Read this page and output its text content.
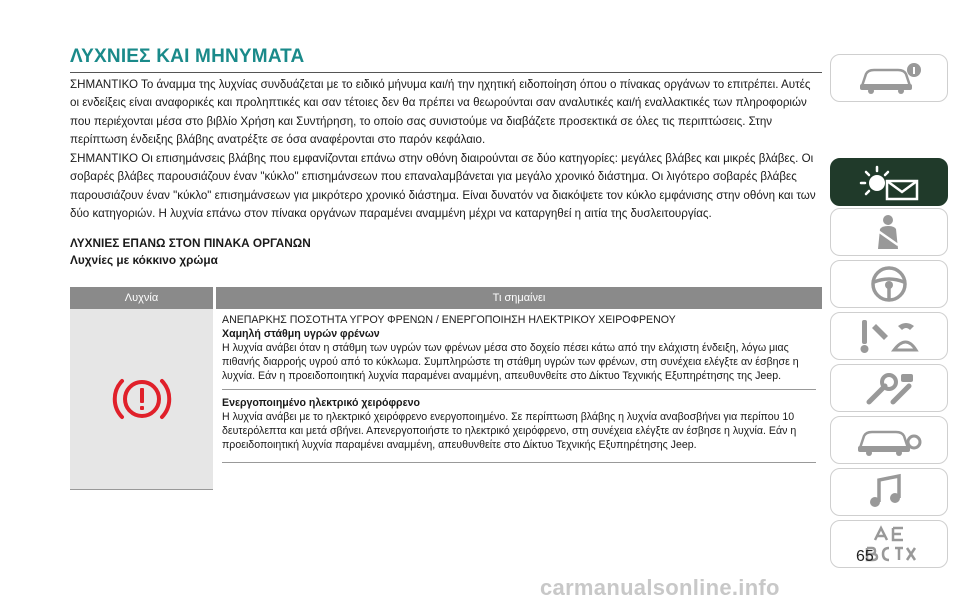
ΛΥΧΝΙΕΣ ΚΑΙ ΜΗΝΥΜΑΤΑ

ΣΗΜΑΝΤΙΚΟ Το άναμμα της λυχνίας συνδυάζεται με το ειδικό μήνυμα και/ή την ηχητική ειδοποίηση όπου ο πίνακας οργάνων το επιτρέπει. Αυτές οι ενδείξεις είναι αναφορικές και προληπτικές και σαν τέτοιες δεν θα πρέπει να θεωρούνται σαν αναλυτικές και/ή εναλλακτικές των πληροφοριών που περιέχονται μέσα στο βιβλίο Χρήση και Συντήρηση, το οποίο σας συνιστούμε να διαβάζετε προσεκτικά σε όλες τις περιπτώσεις. Στην περίπτωση ένδειξης βλάβης ανατρέξτε σε όσα αναφέρονται στο παρόν κεφάλαιο.

ΣΗΜΑΝΤΙΚΟ Οι επισημάνσεις βλάβης που εμφανίζονται επάνω στην οθόνη διαιρούνται σε δύο κατηγορίες: μεγάλες βλάβες και μικρές βλάβες. Οι σοβαρές βλάβες παρουσιάζουν έναν "κύκλο" επισημάνσεων που επαναλαμβάνεται για μεγάλο χρονικό διάστημα. Οι λιγότερο σοβαρές βλάβες παρουσιάζουν έναν "κύκλο" επισημάνσεων για μικρότερο χρονικό διάστημα. Είναι δυνατόν να διακόψετε τον κύκλο εμφάνισης στην οθόνη και των δύο κατηγοριών. Η λυχνία επάνω στον πίνακα οργάνων παραμένει αναμμένη μέχρι να καταργηθεί η αιτία της δυσλειτουργίας.

ΛΥΧΝΙΕΣ ΕΠΑΝΩ ΣΤΟΝ ΠΙΝΑΚΑ ΟΡΓΑΝΩΝ
Λυχνίες με κόκκινο χρώμα
Λυχνία	Τι σημαίνει
ΑΝΕΠΑΡΚΗΣ ΠΟΣΟΤΗΤΑ ΥΓΡΟΥ ΦΡΕΝΩΝ / ΕΝΕΡΓΟΠΟΙΗΣΗ ΗΛΕΚΤΡΙΚΟΥ ΧΕΙΡΟΦΡΕΝΟΥ
Χαμηλή στάθμη υγρών φρένων
Η λυχνία ανάβει όταν η στάθμη των υγρών των φρένων μέσα στο δοχείο πέσει κάτω από την ελάχιστη ένδειξη, λόγω μιας πιθανής διαρροής υγρού από το κύκλωμα. Συμπληρώστε τη στάθμη υγρών των φρένων, στη συνέχεια ελέγξτε αν έσβησε η λυχνία. Εάν η προειδοποιητική λυχνία παραμένει αναμμένη, απευθυνθείτε στο Δίκτυο Τεχνικής Εξυπηρέτησης της Jeep.
Ενεργοποιημένο ηλεκτρικό χειρόφρενο
Η λυχνία ανάβει με το ηλεκτρικό χειρόφρενο ενεργοποιημένο. Σε περίπτωση βλάβης η λυχνία αναβοσβήνει για περίπου 10 δευτερόλεπτα και μετά σβήνει. Απενεργοποιήστε το ηλεκτρικό χειρόφρενο, στη συνέχεια ελέγξτε αν έσβησε η λυχνία. Εάν η προειδοποιητική λυχνία παραμένει αναμμένη, απευθυνθείτε στο Δίκτυο Τεχνικής Εξυπηρέτησης Jeep.
65
carmanualsonline.info
